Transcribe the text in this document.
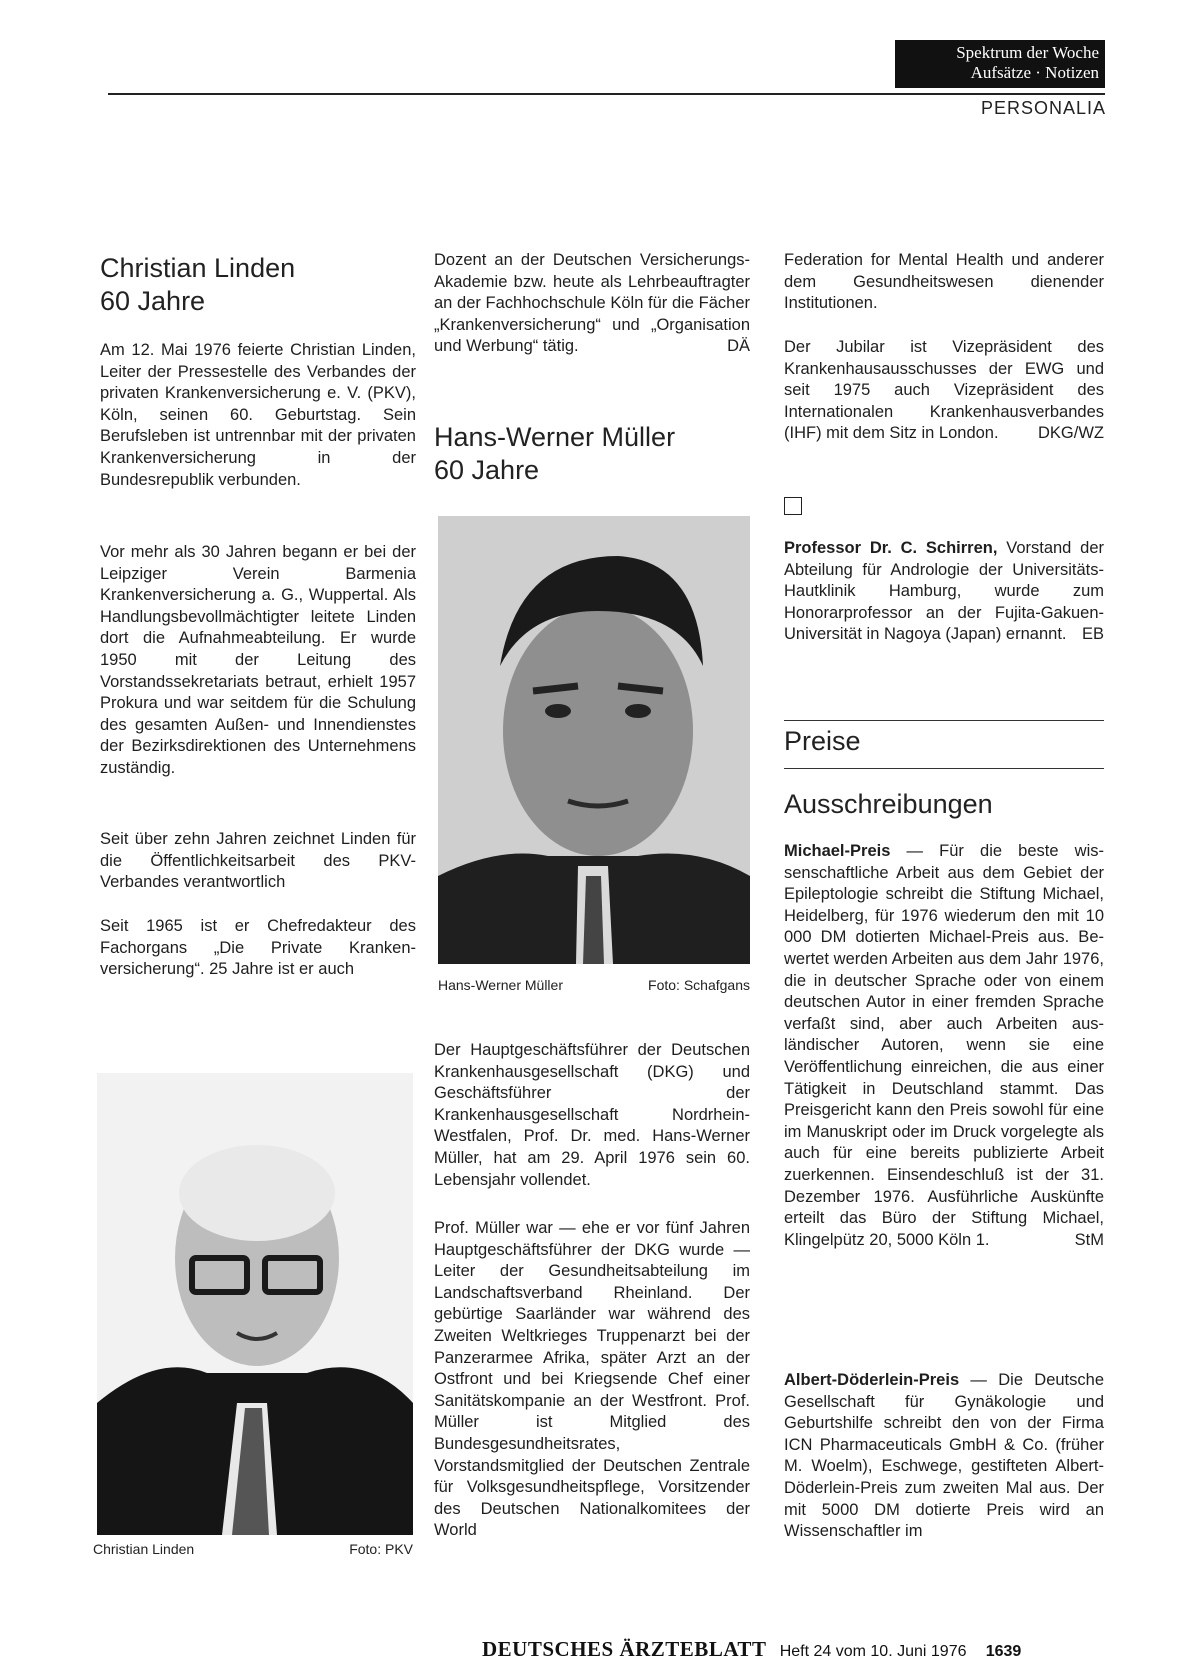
Spektrum der Woche
Aufsätze · Notizen
PERSONALIA
Christian Linden
60 Jahre

Am 12. Mai 1976 feierte Christian Linden, Leiter der Pressestelle des Verbandes der privaten Krankenversicherung e. V. (PKV), Köln, seinen 60. Geburtstag. Sein Berufsleben ist untrennbar mit der privaten Krankenversicherung in der Bundesrepublik verbunden.

Vor mehr als 30 Jahren begann er bei der Leipziger Verein Barmenia Krankenversicherung a. G., Wuppertal. Als Handlungsbevollmächtigter leitete Linden dort die Aufnahmeabteilung. Er wurde 1950 mit der Leitung des Vorstandssekretariats betraut, erhielt 1957 Prokura und war seitdem für die Schulung des gesamten Außen- und Innendienstes der Bezirksdirektionen des Unternehmens zuständig.

Seit über zehn Jahren zeichnet Linden für die Öffentlichkeitsarbeit des PKV-Verbandes verantwortlich

Seit 1965 ist er Chefredakteur des Fachorgans „Die Private Krankenversicherung“. 25 Jahre ist er auch

Christian Linden	Foto: PKV

Dozent an der Deutschen Versicherungs-Akademie bzw. heute als Lehrbeauftragter an der Fachhochschule Köln für die Fächer „Krankenversicherung“ und „Organisation und Werbung“ tätig.	DÄ

Hans-Werner Müller
60 Jahre
Hans-Werner Müller	Foto: Schafgans

Der Hauptgeschäftsführer der Deutschen Krankenhausgesellschaft (DKG) und Geschäftsführer der Krankenhausgesellschaft Nordrhein-Westfalen, Prof. Dr. med. Hans-Werner Müller, hat am 29. April 1976 sein 60. Lebensjahr vollendet.

Prof. Müller war — ehe er vor fünf Jahren Hauptgeschäftsführer der DKG wurde — Leiter der Gesundheitsabteilung im Landschaftsverband Rheinland. Der gebürtige Saarländer war während des Zweiten Weltkrieges Truppenarzt bei der Panzerarmee Afrika, später Arzt an der Ostfront und bei Kriegsende Chef einer Sanitätskompanie an der Westfront. Prof. Müller ist Mitglied des Bundesgesundheitsrates, Vorstandsmitglied der Deutschen Zentrale für Volksgesundheitspflege, Vorsitzender des Deutschen Nationalkomitees der World

Federation for Mental Health und anderer dem Gesundheitswesen dienender Institutionen.

Der Jubilar ist Vizepräsident des Krankenhausausschusses der EWG und seit 1975 auch Vizepräsident des Internationalen Krankenhausverbandes (IHF) mit dem Sitz in London. DKG/WZ

Professor Dr. C. Schirren, Vorstand der Abteilung für Andrologie der Universitäts-Hautklinik Hamburg, wurde zum Honorarprofessor an der Fujita-Gakuen-Universität in Nagoya (Japan) ernannt. EB

Preise
Ausschreibungen

Michael-Preis — Für die beste wissenschaftliche Arbeit aus dem Gebiet der Epileptologie schreibt die Stiftung Michael, Heidelberg, für 1976 wiederum den mit 10 000 DM dotierten Michael-Preis aus. Bewertet werden Arbeiten aus dem Jahr 1976, die in deutscher Sprache oder von einem deutschen Autor in einer fremden Sprache verfaßt sind, aber auch Arbeiten ausländischer Autoren, wenn sie eine Veröffentlichung einreichen, die aus einer Tätigkeit in Deutschland stammt. Das Preisgericht kann den Preis sowohl für eine im Manuskript oder im Druck vorgelegte als auch für eine bereits publizierte Arbeit zuerkennen. Einsendeschluß ist der 31. Dezember 1976. Ausführliche Auskünfte erteilt das Büro der Stiftung Michael, Klingelpütz 20, 5000 Köln 1.	StM

Albert-Döderlein-Preis — Die Deutsche Gesellschaft für Gynäkologie und Geburtshilfe schreibt den von der Firma ICN Pharmaceuticals GmbH & Co. (früher M. Woelm), Eschwege, gestifteten Albert-Döderlein-Preis zum zweiten Mal aus. Der mit 5000 DM dotierte Preis wird an Wissenschaftler im

DEUTSCHES ÄRZTEBLATT Heft 24 vom 10. Juni 1976 1639
